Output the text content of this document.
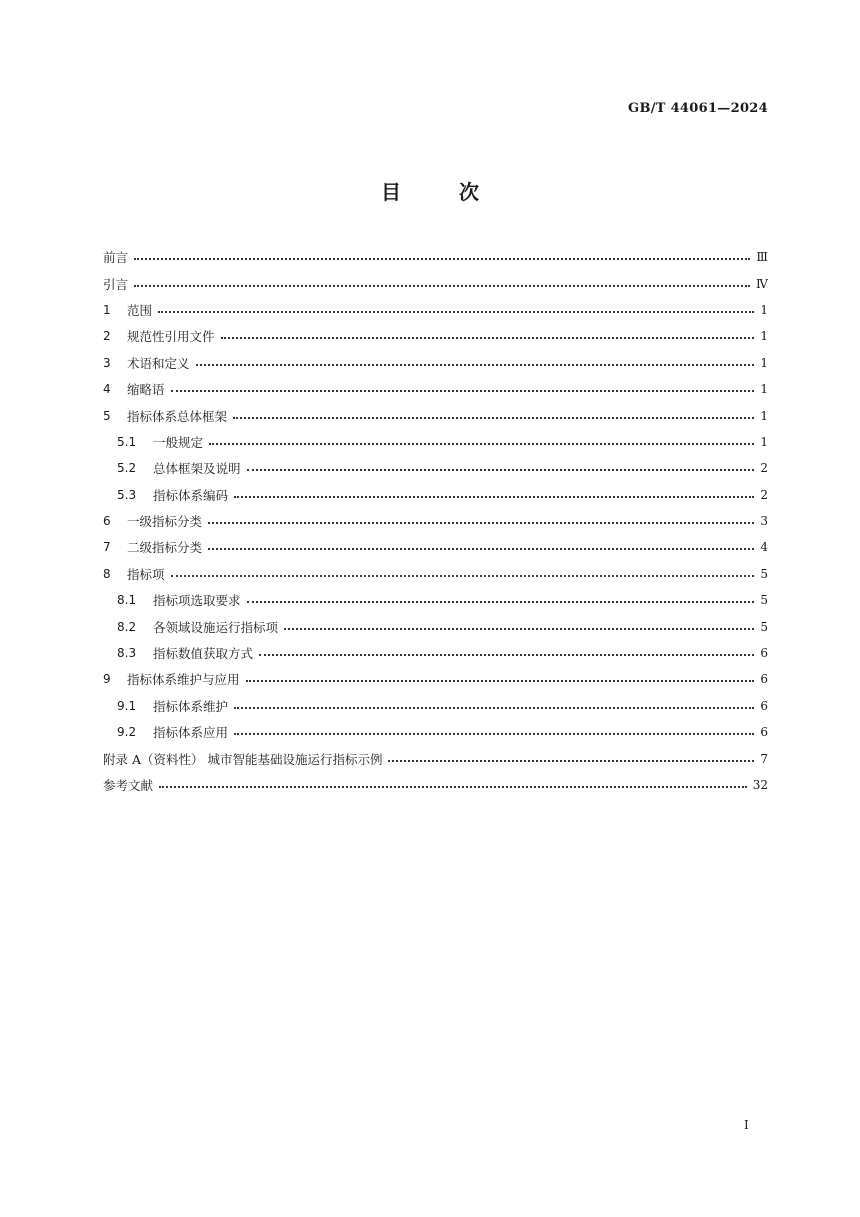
GB/T 44061—2024
目	次
前言	Ⅲ
引言	Ⅳ
1	范围	1
2	规范性引用文件	1
3	术语和定义	1
4	缩略语	1
5	指标体系总体框架	1
5.1	一般规定	1
5.2	总体框架及说明	2
5.3	指标体系编码	2
6	一级指标分类	3
7	二级指标分类	4
8	指标项	5
8.1	指标项选取要求	5
8.2	各领域设施运行指标项	5
8.3	指标数值获取方式	6
9	指标体系维护与应用	6
9.1	指标体系维护	6
9.2	指标体系应用	6
附录 A（资料性） 城市智能基础设施运行指标示例	7
参考文献	32
I
